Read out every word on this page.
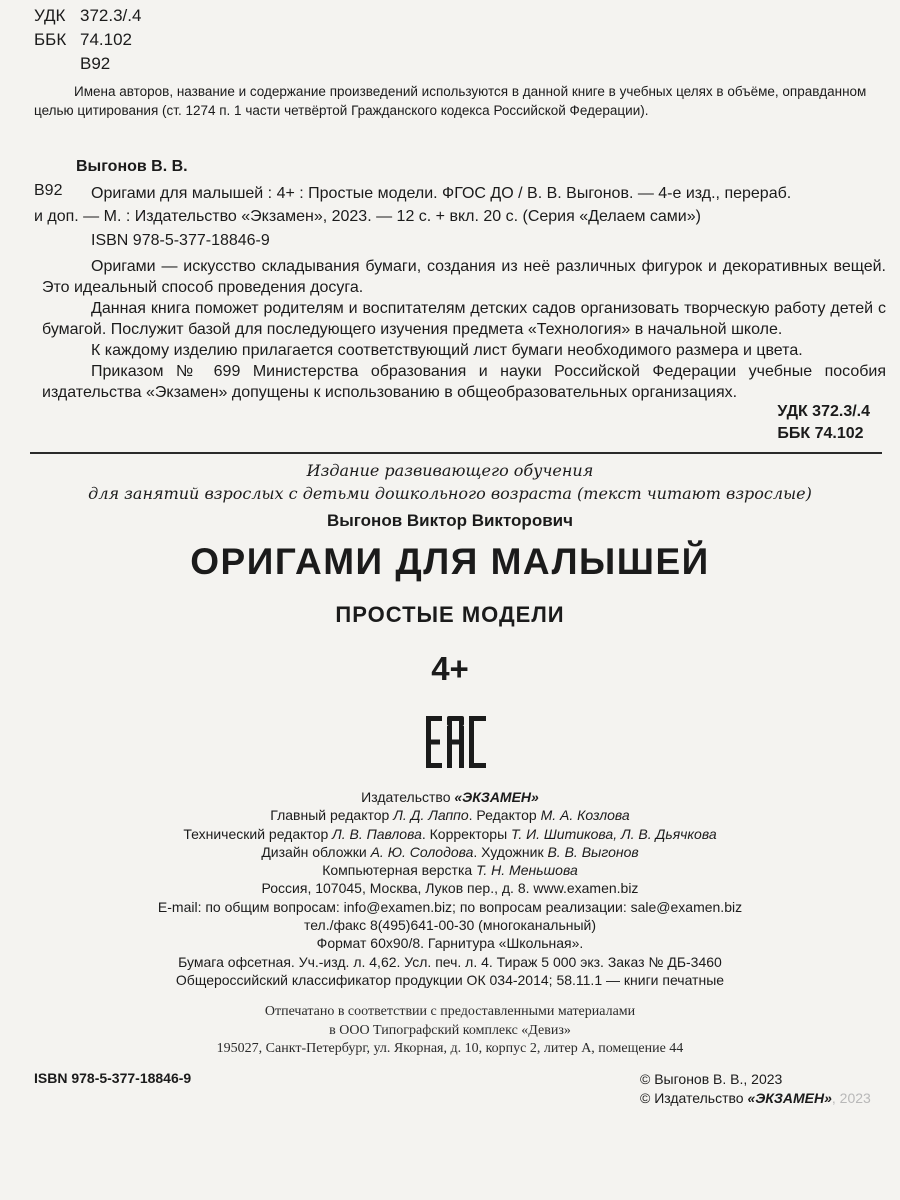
УДК 372.3/.4
ББК 74.102
В92
Имена авторов, название и содержание произведений используются в данной книге в учебных целях в объёме, оправданном
целью цитирования (ст. 1274 п. 1 части четвёртой Гражданского кодекса Российской Федерации).
Выгонов В. В.
В92 Оригами для малышей : 4+ : Простые модели. ФГОС ДО / В. В. Выгонов. — 4-е изд., перераб.
и доп. — М. : Издательство «Экзамен», 2023. — 12 с. + вкл. 20 с. (Серия «Делаем сами»)
ISBN 978-5-377-18846-9

Оригами — искусство складывания бумаги, создания из неё различных фигурок и декоративных вещей. Это идеальный способ проведения досуга.

Данная книга поможет родителям и воспитателям детских садов организовать творческую работу детей с бумагой. Послужит базой для последующего изучения предмета «Технология» в начальной школе.

К каждому изделию прилагается соответствующий лист бумаги необходимого размера и цвета.

Приказом № 699 Министерства образования и науки Российской Федерации учебные пособия издательства «Экзамен» допущены к использованию в общеобразовательных организациях.

УДК 372.3/.4
ББК 74.102
Издание развивающего обучения
для занятий взрослых с детьми дошкольного возраста (текст читают взрослые)
Выгонов Виктор Викторович
ОРИГАМИ ДЛЯ МАЛЫШЕЙ
ПРОСТЫЕ МОДЕЛИ
4+
Издательство «ЭКЗАМЕН»
Главный редактор Л. Д. Лаппо. Редактор М. А. Козлова
Технический редактор Л. В. Павлова. Корректоры Т. И. Шитикова, Л. В. Дьячкова
Дизайн обложки А. Ю. Солодова. Художник В. В. Выгонов
Компьютерная верстка Т. Н. Меньшова
Россия, 107045, Москва, Луков пер., д. 8. www.examen.biz
E-mail: по общим вопросам: info@examen.biz; по вопросам реализации: sale@examen.biz
тел./факс 8(495)641-00-30 (многоканальный)
Формат 60х90/8. Гарнитура «Школьная».
Бумага офсетная. Уч.-изд. л. 4,62. Усл. печ. л. 4. Тираж 5 000 экз. Заказ № ДБ-3460
Общероссийский классификатор продукции ОК 034-2014; 58.11.1 — книги печатные
Отпечатано в соответствии с предоставленными материалами
в ООО Типографский комплекс «Девиз»
195027, Санкт-Петербург, ул. Якорная, д. 10, корпус 2, литер А, помещение 44
ISBN 978-5-377-18846-9	© Выгонов В. В., 2023
© Издательство «ЭКЗАМЕН», 2023
